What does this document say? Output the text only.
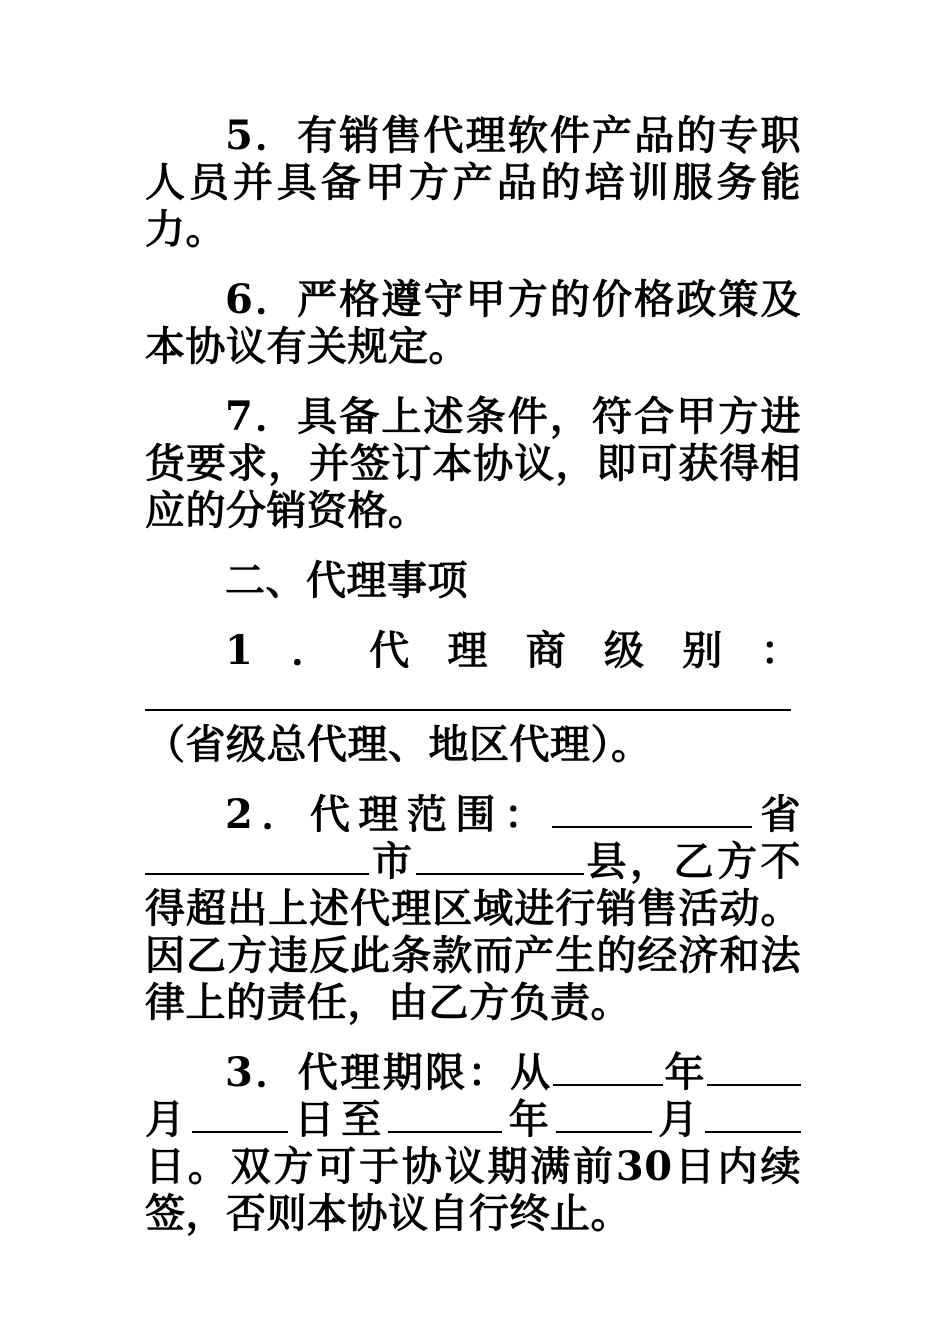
5．有销售代理软件产品的专职人员并具备甲方产品的培训服务能力。

6．严格遵守甲方的价格政策及本协议有关规定。

7．具备上述条件，符合甲方进货要求，并签订本协议，即可获得相应的分销资格。

二、代理事项

1．代理商级别：（省级总代理、地区代理）。

2．代理范围：	省市	县，乙方不得超出上述代理区域进行销售活动。因乙方违反此条款而产生的经济和法律上的责任，由乙方负责。

3．代理期限：从	年月 日至	年 月日。双方可于协议期满前30日内续签，否则本协议自行终止。
